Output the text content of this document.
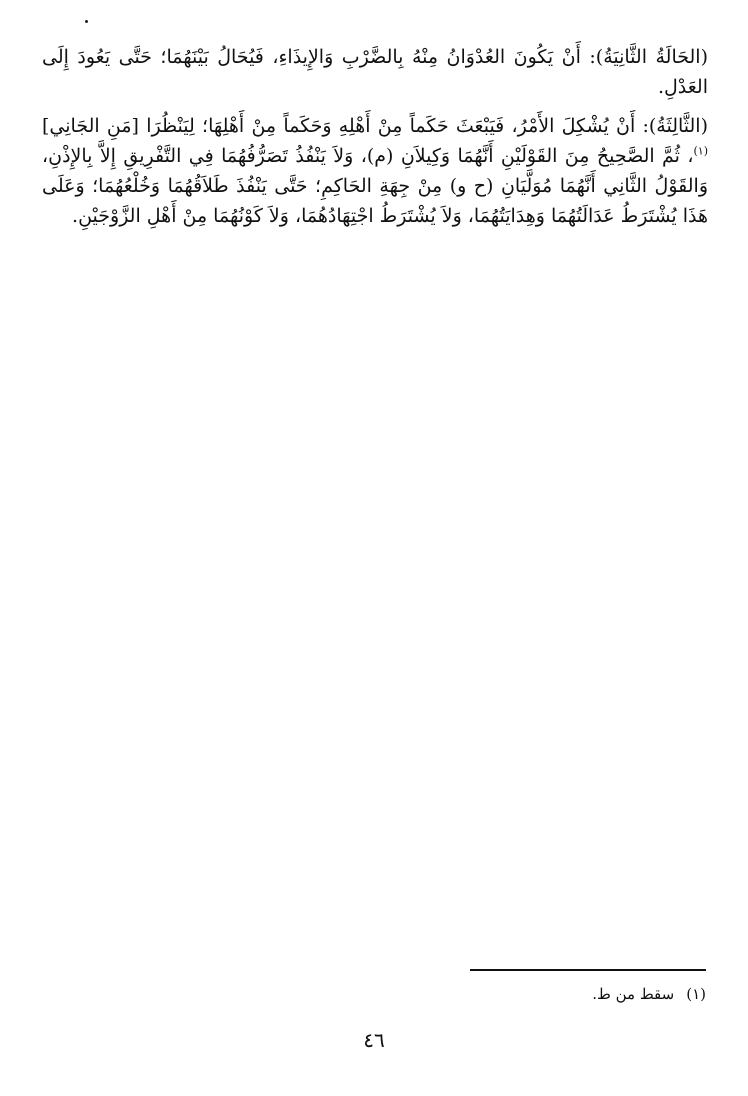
(الحَالَةُ الثَّانِيَةُ): أَنْ يَكُونَ العُدْوَانُ مِنْهُ بِالضَّرْبِ وَالإِيذَاءِ، فَيُحَالُ بَيْنَهُمَا؛ حَتَّى يَعُودَ إِلَى العَدْلِ.

(الثَّالِثَةُ): أَنْ يُشْكِلَ الأَمْرُ، فَيَبْعَثَ حَكَماً مِنْ أَهْلِهِ وَحَكَماً مِنْ أَهْلِهَا؛ لِيَنْظُرَا [مَنِ الجَانِي]$^{(١)}$، ثُمَّ الصَّحِيحُ مِنَ القَوْلَيْنِ أَنَّهُمَا وَكِيلاَنِ (م)، وَلاَ يَنْفُذُ تَصَرُّفُهُمَا فِي التَّفْرِيقِ إِلاَّ بِالإِذْنِ، وَالقَوْلُ الثَّانِي أَنَّهُمَا مُوَلَّيَانِ (ح و) مِنْ جِهَةِ الحَاكِمِ؛ حَتَّى يَنْفُذَ طَلاَقُهُمَا وَخُلْعُهُمَا؛ وَعَلَى هَذَا يُشْتَرَطُ عَدَالَتُهُمَا وَهِدَايَتُهُمَا، وَلاَ يُشْتَرَطُ اجْتِهَادُهُمَا، وَلاَ كَوْنُهُمَا مِنْ أَهْلِ الزَّوْجَيْنِ.

(١)سقط من ط.
٤٦
